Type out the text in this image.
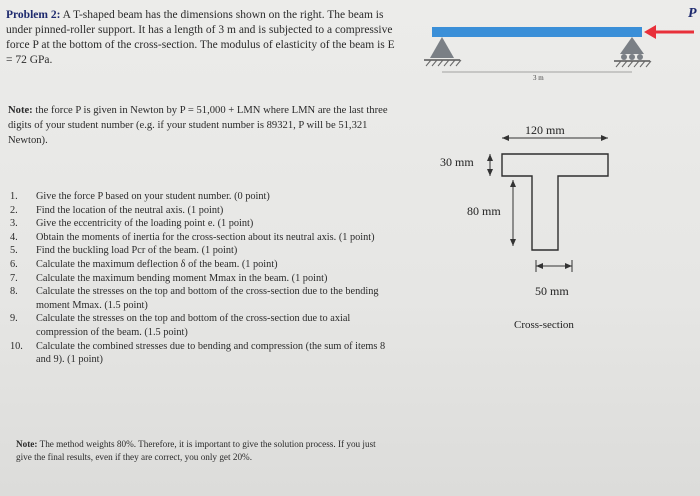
Problem 2: A T-shaped beam has the dimensions shown on the right. The beam is under pinned-roller support. It has a length of 3 m and is subjected to a compressive force P at the bottom of the cross-section. The modulus of elasticity of the beam is E = 72 GPa.

Note: the force P is given in Newton by P = 51,000 + LMN where LMN are the last three digits of your student number (e.g. if your student number is 89321, P will be 51,321 Newton).

1.	Give the force P based on your student number. (0 point)
2.	Find the location of the neutral axis. (1 point)
3.	Give the eccentricity of the loading point e. (1 point)
4.	Obtain the moments of inertia for the cross-section about its neutral axis. (1 point)
5.	Find the buckling load Pcr of the beam. (1 point)
6.	Calculate the maximum deflection δ of the beam. (1 point)
7.	Calculate the maximum bending moment Mmax in the beam. (1 point)
8.	Calculate the stresses on the top and bottom of the cross-section due to the bending moment Mmax. (1.5 point)
9.	Calculate the stresses on the top and bottom of the cross-section due to axial compression of the beam. (1.5 point)
10.	Calculate the combined stresses due to bending and compression (the sum of items 8 and 9). (1 point)

Note: The method weights 80%. Therefore, it is important to give the solution process. If you just give the final results, even if they are correct, you only get 20%.

3 m
P
120 mm
30 mm
80 mm
50 mm
Cross-section
